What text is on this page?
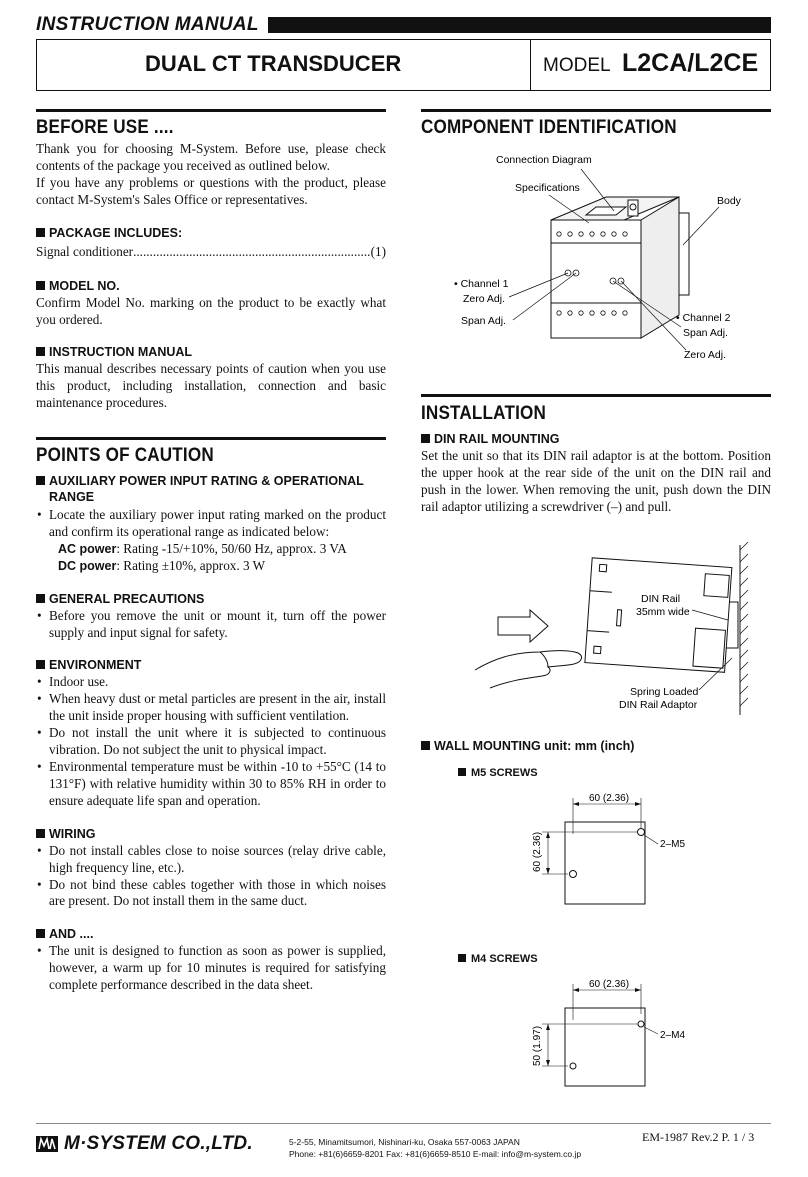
INSTRUCTION MANUAL
DUAL CT TRANSDUCER	MODEL L2CA/L2CE
BEFORE USE ....

Thank you for choosing M-System. Before use, please check contents of the package you received as outlined below.

If you have any problems or questions with the product, please contact M-System's Sales Office or representatives.

PACKAGE INCLUDES:
Signal conditioner
.....	(1)
MODEL NO.

Confirm Model No. marking on the product to be exactly what you ordered.

INSTRUCTION MANUAL

This manual describes necessary points of caution when you use this product, including installation, connection and basic maintenance procedures.

POINTS OF CAUTION
AUXILIARY POWER INPUT RATING & OPERATIONAL
RANGE

• Locate the auxiliary power input rating marked on the product and confirm its operational range as indicated below:

AC power: Rating -15/+10%, 50/60 Hz, approx. 3 VA
DC power: Rating ±10%, approx. 3 W
GENERAL PRECAUTIONS

• Before you remove the unit or mount it, turn off the power supply and input signal for safety.

ENVIRONMENT

• Indoor use.

• When heavy dust or metal particles are present in the air, install the unit inside proper housing with sufficient ventilation.

• Do not install the unit where it is subjected to continuous vibration. Do not subject the unit to physical impact.

• Environmental temperature must be within -10 to +55°C (14 to 131°F) with relative humidity within 30 to 85% RH in order to ensure adequate life span and operation.

WIRING

• Do not install cables close to noise sources (relay drive cable, high frequency line, etc.).

• Do not bind these cables together with those in which noises are present. Do not install them in the same duct.

AND ....

• The unit is designed to function as soon as power is supplied, however, a warm up for 10 minutes is required for satisfying complete performance described in the data sheet.

COMPONENT IDENTIFICATION
Connection Diagram
Specifications
Body
• Channel 1
Zero Adj.
Span Adj.	• Channel 2
Span Adj.
Zero Adj.
INSTALLATION
DIN RAIL MOUNTING

Set the unit so that its DIN rail adaptor is at the bottom. Position the upper hook at the rear side of the unit on the DIN rail and push in the lower. When removing the unit, push down the DIN rail adaptor utilizing a screwdriver (–) and pull.

DIN Rail
35mm wide
Spring Loaded
DIN Rail Adaptor
WALL MOUNTING unit: mm (inch)
M5 SCREWS
60 (2.36)
60 (2.36)	2–M5
M4 SCREWS
60 (2.36)
50 (1.97)	2–M4
M·SYSTEM CO.,LTD.	5-2-55, Minamitsumori, Nishinari-ku, Osaka 557-0063 JAPAN
Phone: +81(6)6659-8201 Fax: +81(6)6659-8510 E-mail: info@m-system.co.jp
EM-1987 Rev.2 P. 1 / 3
